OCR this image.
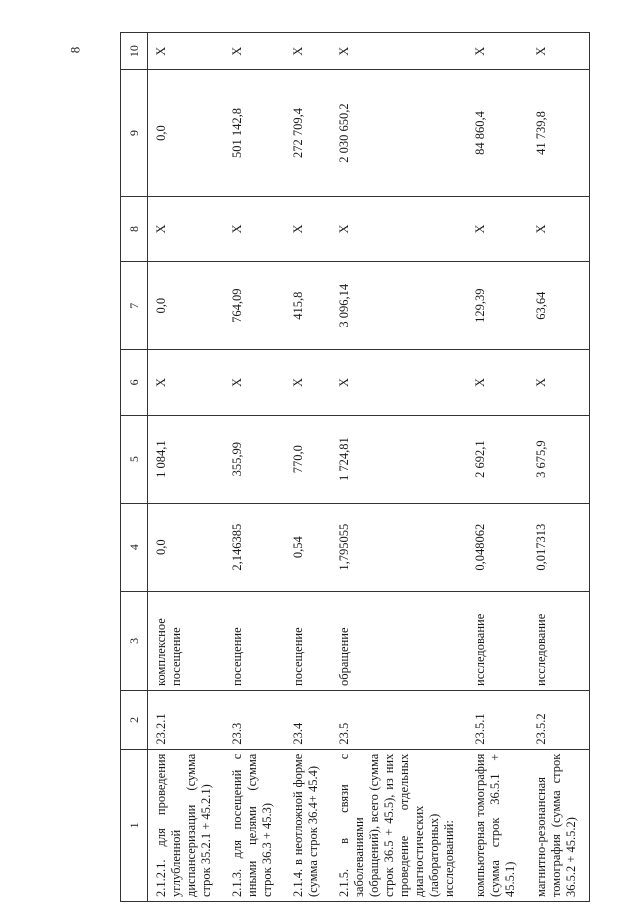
8
1	2	3	4	5	6	7	8	9	10
2.1.2.1. для проведения углубленной диспансеризации (сумма строк 35.2.1 + 45.2.1)	23.2.1	комплексное посещение	0,0	1 084,1	X	0,0	X	0,0	X
2.1.3. для посещений с иными целями (сумма строк 36.3 + 45.3)	23.3	посещение	2,146385	355,99	X	764,09	X	501 142,8	X
2.1.4. в неотложной форме (сумма строк 36.4+ 45.4)	23.4	посещение	0,54	770,0	X	415,8	X	272 709,4	X
2.1.5. в связи с заболеваниями (обращений), всего (сумма строк 36.5 + 45.5), из них проведение отдельных диагностических (лабораторных) исследований:	23.5	обращение	1,795055	1 724,81	X	3 096,14	X	2 030 650,2	X
компьютерная томография (сумма строк 36.5.1 + 45.5.1)	23.5.1	исследование	0,048062	2 692,1	X	129,39	X	84 860,4	X
магнитно-резонансная томография (сумма строк 36.5.2 + 45.5.2)	23.5.2	исследование	0,017313	3 675,9	X	63,64	X	41 739,8	X
